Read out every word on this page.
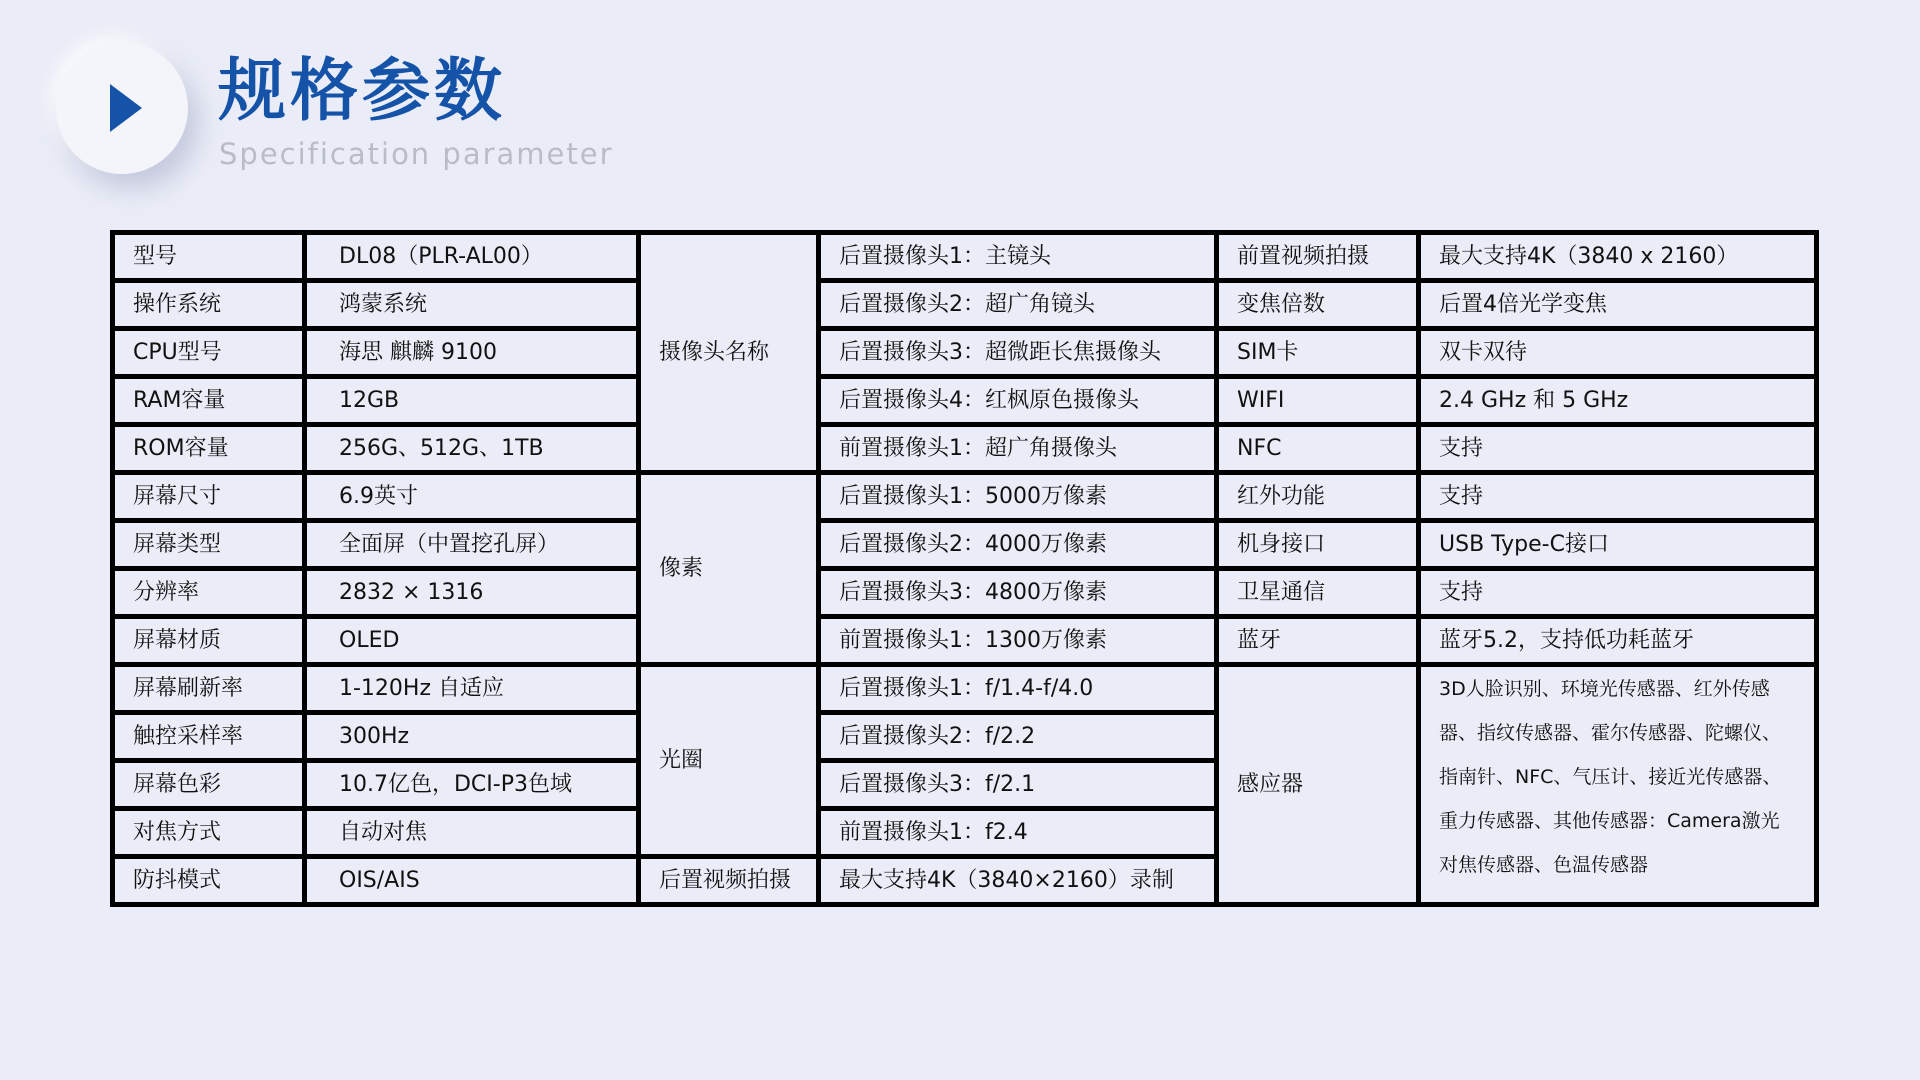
规格参数
Specification parameter
型号	DL08（PLR-AL00）	摄像头名称	后置摄像头1：主镜头	前置视频拍摄	最大支持4K（3840 x 2160）
操作系统	鸿蒙系统		后置摄像头2：超广角镜头	变焦倍数	后置4倍光学变焦
CPU型号	海思 麒麟 9100		后置摄像头3：超微距长焦摄像头	SIM卡	双卡双待
RAM容量	12GB		后置摄像头4：红枫原色摄像头	WIFI	2.4 GHz 和 5 GHz
ROM容量	256G、512G、1TB		前置摄像头1：超广角摄像头	NFC	支持
屏幕尺寸	6.9英寸	像素	后置摄像头1：5000万像素	红外功能	支持
屏幕类型	全面屏（中置挖孔屏）		后置摄像头2：4000万像素	机身接口	USB Type-C接口
分辨率	2832 × 1316		后置摄像头3：4800万像素	卫星通信	支持
屏幕材质	OLED		前置摄像头1：1300万像素	蓝牙	蓝牙5.2，支持低功耗蓝牙
屏幕刷新率	1-120Hz 自适应	光圈	后置摄像头1：f/1.4-f/4.0	感应器	3D人脸识别、环境光传感器、红外传感器、指纹传感器、霍尔传感器、陀螺仪、指南针、NFC、气压计、接近光传感器、重力传感器、其他传感器：Camera激光对焦传感器、色温传感器
触控采样率	300Hz		后置摄像头2：f/2.2		
屏幕色彩	10.7亿色，DCI-P3色域		后置摄像头3：f/2.1		
对焦方式	自动对焦		前置摄像头1：f2.4		
防抖模式	OIS/AIS	后置视频拍摄	最大支持4K（3840×2160）录制		
